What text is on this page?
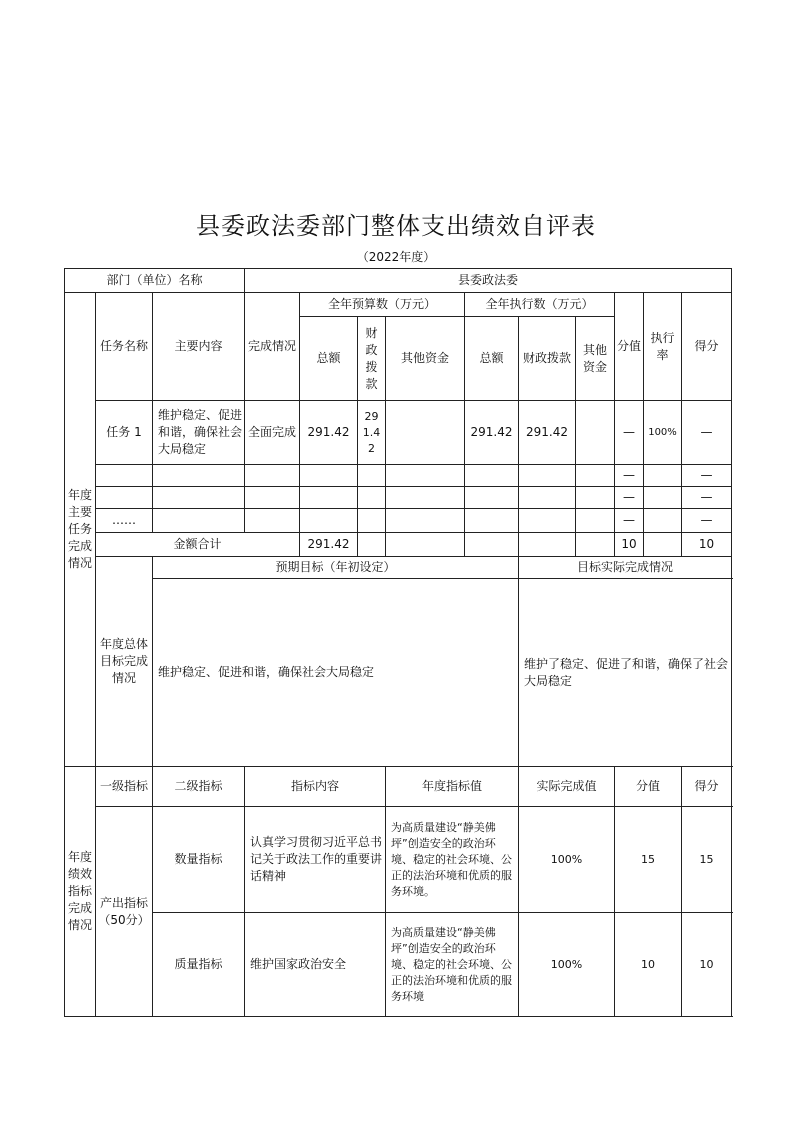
县委政法委部门整体支出绩效自评表
（2022年度）
部门（单位）名称			县委政法委									
年度主要任务完成情况	任务名称	主要内容	完成情况	全年预算数（万元）			全年执行数（万元）			分值	执行率	得分
				总额	财政拨款	其他资金	总额	财政拨款	其他资金			
	任务 1	维护稳定、促进和谐，确保社会大局稳定	全面完成	291.42	291.42		291.42	291.42		—	100%	—
										—		—
										—		—
	……									—		—
	金额合计			291.42						10		10
	年度总体目标完成情况	预期目标（年初设定）						目标实际完成情况				
		维护稳定、促进和谐，确保社会大局稳定						维护了稳定、促进了和谐，确保了社会大局稳定				
年度绩效指标完成情况	一级指标	二级指标	指标内容			年度指标值		实际完成值		分值		得分
	产出指标（50分）	数量指标	认真学习贯彻习近平总书记关于政法工作的重要讲话精神			为高质量建设“静美佛坪”创造安全的政治环境、稳定的社会环境、公正的法治环境和优质的服务环境。		100%		15		15
		质量指标	维护国家政治安全			为高质量建设“静美佛坪”创造安全的政治环境、稳定的社会环境、公正的法治环境和优质的服务环境		100%		10		10
